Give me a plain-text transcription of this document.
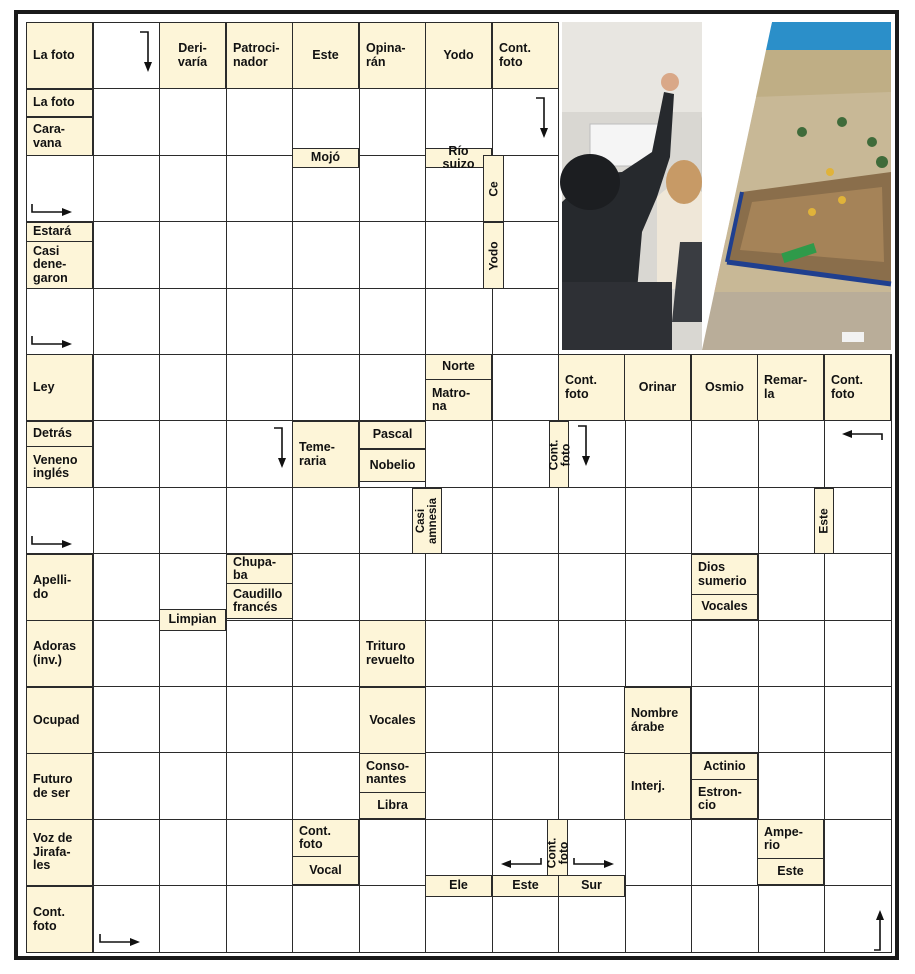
La foto	Deri-
varía
Patroci-
nador	Este Opina-
rán	Yodo Cont.
foto
La foto
Cara-
vana
Mojó	Río suizo
Ce
Estará
Casi
dene-
garon
Yodo
Ley
Norte
Matro-
na
Cont.
foto	Orinar Osmio Remar-
la
Cont.
foto
Detrás
Veneno
inglés
Teme-
raria
Pascal
Nobelio	Cont. foto
Casi
amnesia	Este
Apelli-
do
Chupa-
ba
Caudillo
francés
Limpian
Dios
sumerio
Vocales
Adoras
(inv.)
Trituro
revuelto
Ocupad	Vocales	Nombre
árabe
Futuro
de ser
Conso-
nantes
Libra
Interj.
Actinio
Estron-
cio
Voz de
Jirafa-
les
Cont.
foto
Vocal
Cont. foto
Ampe-
rio
Este
Ele	Este	Sur
Cont.
foto
